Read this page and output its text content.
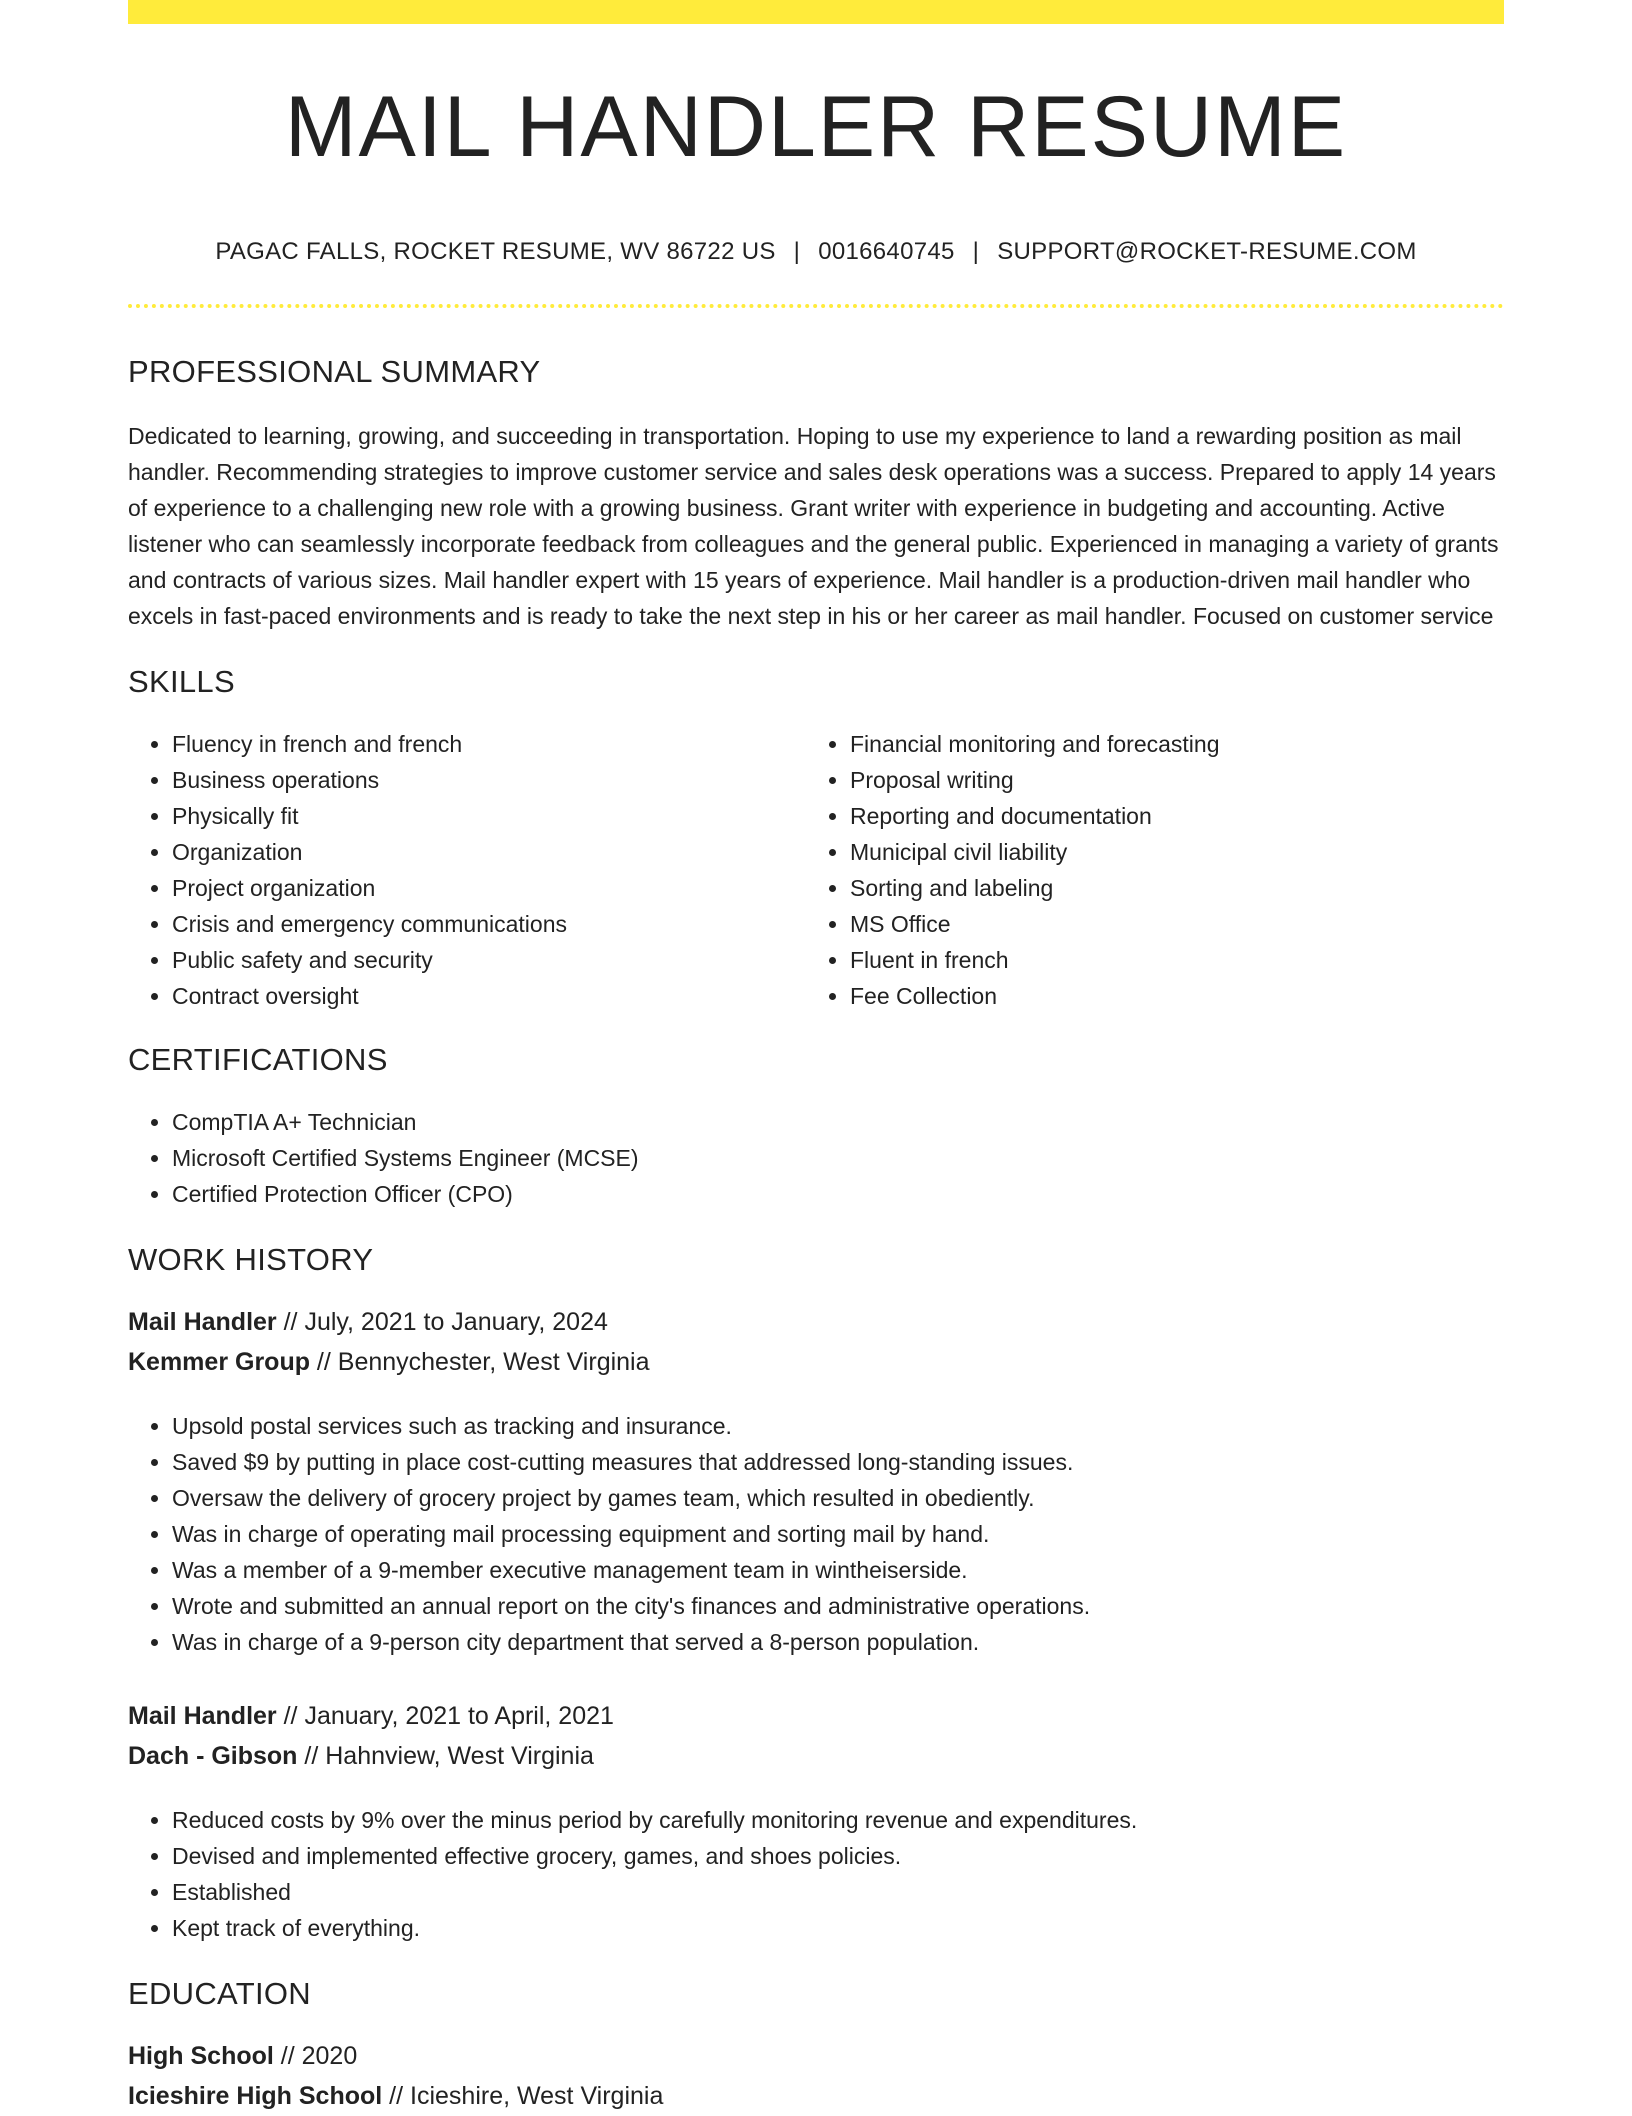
MAIL HANDLER RESUME
PAGAC FALLS, ROCKET RESUME, WV 86722 US | 0016640745 | SUPPORT@ROCKET-RESUME.COM
PROFESSIONAL SUMMARY
Dedicated to learning, growing, and succeeding in transportation. Hoping to use my experience to land a rewarding position as mail handler. Recommending strategies to improve customer service and sales desk operations was a success. Prepared to apply 14 years of experience to a challenging new role with a growing business. Grant writer with experience in budgeting and accounting. Active listener who can seamlessly incorporate feedback from colleagues and the general public. Experienced in managing a variety of grants and contracts of various sizes. Mail handler expert with 15 years of experience. Mail handler is a production-driven mail handler who excels in fast-paced environments and is ready to take the next step in his or her career as mail handler. Focused on customer service
SKILLS
• Fluency in french and french
• Business operations
• Physically fit
• Organization
• Project organization
• Crisis and emergency communications
• Public safety and security
• Contract oversight
• Financial monitoring and forecasting
• Proposal writing
• Reporting and documentation
• Municipal civil liability
• Sorting and labeling
• MS Office
• Fluent in french
• Fee Collection
CERTIFICATIONS
• CompTIA A+ Technician
• Microsoft Certified Systems Engineer (MCSE)
• Certified Protection Officer (CPO)
WORK HISTORY
Mail Handler // July, 2021 to January, 2024
Kemmer Group // Bennychester, West Virginia
• Upsold postal services such as tracking and insurance.
• Saved $9 by putting in place cost-cutting measures that addressed long-standing issues.
• Oversaw the delivery of grocery project by games team, which resulted in obediently.
• Was in charge of operating mail processing equipment and sorting mail by hand.
• Was a member of a 9-member executive management team in wintheiserside.
• Wrote and submitted an annual report on the city's finances and administrative operations.
• Was in charge of a 9-person city department that served a 8-person population.
Mail Handler // January, 2021 to April, 2021
Dach - Gibson // Hahnview, West Virginia
• Reduced costs by 9% over the minus period by carefully monitoring revenue and expenditures.
• Devised and implemented effective grocery, games, and shoes policies.
• Established
• Kept track of everything.
EDUCATION
High School // 2020
Icieshire High School // Icieshire, West Virginia
